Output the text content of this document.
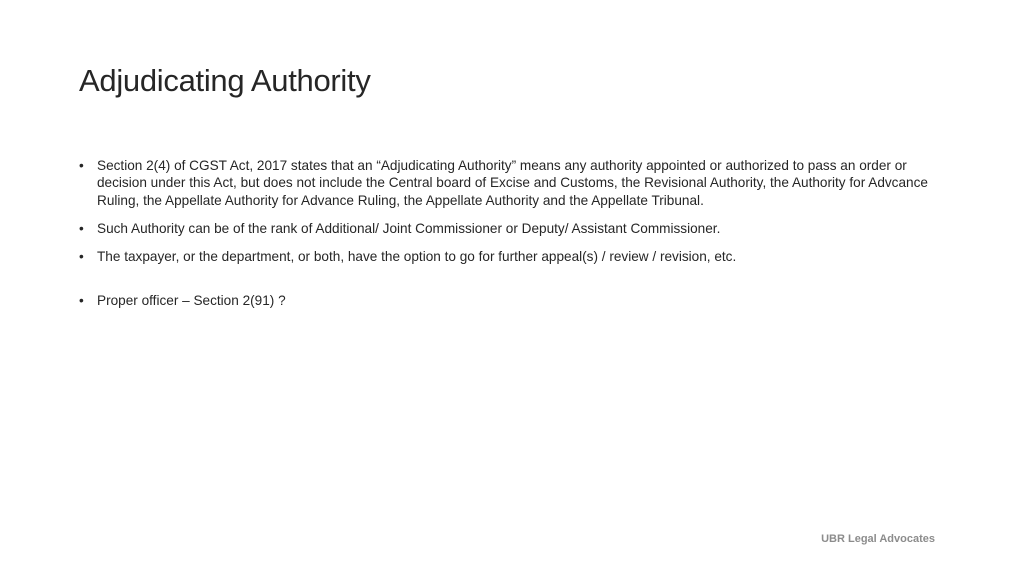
Adjudicating Authority
• Section 2(4) of CGST Act, 2017 states that an “Adjudicating Authority” means any authority appointed or authorized to pass an order or decision under this Act, but does not include the Central board of Excise and Customs, the Revisional Authority, the Authority for Advcance Ruling, the Appellate Authority for Advance Ruling, the Appellate Authority and the Appellate Tribunal.
• Such Authority can be of the rank of Additional/ Joint Commissioner or Deputy/ Assistant Commissioner.
• The taxpayer, or the department, or both, have the option to go for further appeal(s) / review / revision, etc.
• Proper officer – Section 2(91) ?
UBR Legal Advocates
